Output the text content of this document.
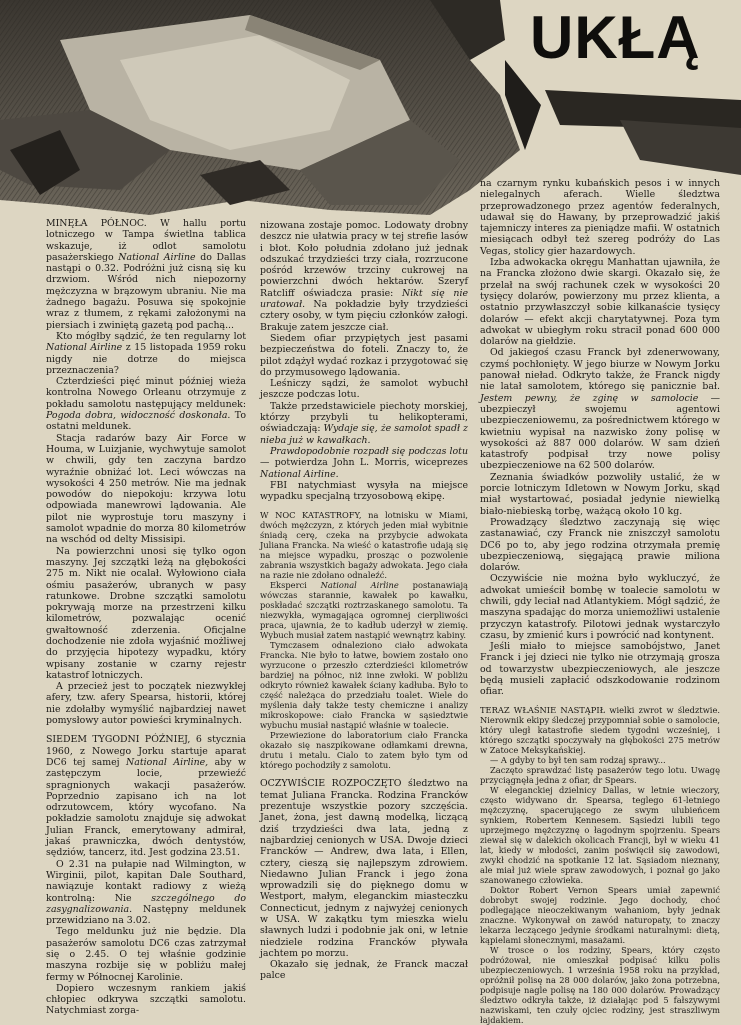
UKŁĄ

MINĘŁA PÓŁNOC. W hallu portu lotniczego w Tampa świetlna tablica wskazuje, iż odlot samolotu pasażerskiego National Airline do Dallas nastąpi o 0.32. Podróżni już cisną się ku drzwiom. Wśród nich niepozorny mężczyzna w brązowym ubraniu. Nie ma żadnego bagażu. Posuwa się spokojnie wraz z tłumem, z rękami założonymi na piersiach i zwiniętą gazetą pod pachą...

Kto mógłby sądzić, że ten regularny lot National Airline z 15 listopada 1959 roku nigdy nie dotrze do miejsca przeznaczenia?

Czterdzieści pięć minut później wieża kontrolna Nowego Orleanu otrzymuje z pokładu samolotu następujący meldunek: Pogoda dobra, widoczność doskonała. To ostatni meldunek.

Stacja radarów bazy Air Force w Houma, w Luizjanie, wychwytuje samolot w chwili, gdy ten zaczyna bardzo wyraźnie obniżać lot. Leci wówczas na wysokości 4 250 metrów. Nie ma jednak powodów do niepokoju: krzywa lotu odpowiada manewrowi lądowania. Ale pilot nie wyprostuje toru maszyny i samolot wpadnie do morza 80 kilometrów na wschód od delty Missisipi.

Na powierzchni unosi się tylko ogon maszyny. Jej szczątki leżą na głębokości 275 m. Nikt nie ocalał. Wyłowiono ciała ośmiu pasażerów, ubranych w pasy ratunkowe. Drobne szczątki samolotu pokrywają morze na przestrzeni kilku kilometrów, pozwalając ocenić gwałtowność zderzenia. Oficjalne dochodzenie nie zdoła wyjaśnić możliwej do przyjęcia hipotezy wypadku, który wpisany zostanie w czarny rejestr katastrof lotniczych.

A przecież jest to początek niezwykłej afery, tzw. afery Spearsa, historii, której nie zdołałby wymyślić najbardziej nawet pomysłowy autor powieści kryminalnych.

SIEDEM TYGODNI PÓŹNIEJ, 6 stycznia 1960, z Nowego Jorku startuje aparat DC6 tej samej National Airline, aby w zastępczym locie, przewieźć spragnionych wakacji pasażerów. Poprzednio zapisano ich na lot odrzutowcem, który wycofano. Na pokładzie samolotu znajduje się adwokat Julian Franck, emerytowany admirał, jakaś prawniczka, dwóch dentystów, sędziów, tancerz, itd. Jest godzina 23.51.

O 2.31 na pułapie nad Wilmington, w Wirginii, pilot, kapitan Dale Southard, nawiązuje kontakt radiowy z wieżą kontrolną: Nie szczególnego do zasygnalizowania. Następny meldunek przewidziano na 3.02.

Tego meldunku już nie będzie. Dla pasażerów samolotu DC6 czas zatrzymał się o 2.45. O tej właśnie godzinie maszyna rozbije się w pobliżu małej fermy w Północnej Karolinie.

Dopiero wczesnym rankiem jakiś chłopiec odkrywa szczątki samolotu. Natychmiast zorga-

nizowana zostaje pomoc. Lodowaty drobny deszcz nie ułatwia pracy w tej strefie lasów i błot. Koło południa zdołano już jednak odszukać trzydzieści trzy ciała, rozrzucone pośród krzewów trzciny cukrowej na powierzchni dwóch hektarów. Szeryf Ratcliff oświadcza prasie: Nikt się nie uratował. Na pokładzie były trzydzieści cztery osoby, w tym pięciu członków załogi. Brakuje zatem jeszcze ciał.

Siedem ofiar przypiętych jest pasami bezpieczeństwa do foteli. Znaczy to, że pilot zdążył wydać rozkaz i przygotować się do przymusowego lądowania.

Leśniczy sądzi, że samolot wybuchł jeszcze podczas lotu.

Także przedstawiciele piechoty morskiej, którzy przybyli tu helikopterami, oświadczają: Wydaje się, że samolot spadł z nieba już w kawałkach.

Prawdopodobnie rozpadł się podczas lotu — potwierdza John L. Morris, wiceprezes National Airline.

FBI natychmiast wysyła na miejsce wypadku specjalną trzyosobową ekipę.

W NOC KATASTROFY, na lotnisku w Miami, dwóch mężczyzn, z których jeden miał wybitnie śniadą cerę, czeka na przybycie adwokata Juliana Francka. Na wieść o katastrofie udają się na miejsce wypadku, prosząc o pozwolenie zabrania wszystkich bagaży adwokata. Jego ciała na razie nie zdołano odnaleźć.

Eksperci National Airline postanawiają wówczas starannie, kawałek po kawałku, poskładać szczątki roztrzaskanego samolotu. Ta niezwykła, wymagająca ogromnej cierpliwości praca, ujawnia, że to kadłub uderzył w ziemię. Wybuch musiał zatem nastąpić wewnątrz kabiny.

Tymczasem odnaleziono ciało adwokata Francka. Nie było to łatwe, bowiem zostało ono wyrzucone o przeszło czterdzieści kilometrów bardziej na północ, niż inne zwłoki. W pobliżu odkryto również kawałek ściany kadłuba. Było to część należąca do przedziału toalet. Wiele do myślenia dały także testy chemiczne i analizy mikroskopowe: ciało Francka w sąsiedztwie wybuchu musiał nastąpić właśnie w toalecie.

Przewiezione do laboratorium ciało Francka okazało się naszpikowane odłamkami drewna, drutu i metalu. Cialo to zatem było tym od którego pochodziły z samolotu.

OCZYWIŚCIE ROZPOCZĘTO śledztwo na temat Juliana Francka. Rodzina Francków prezentuje wszystkie pozory szczęścia. Janet, żona, jest dawną modelką, liczącą dziś trzydzieści dwa lata, jedną z najbardziej cenionych w USA. Dwoje dzieci Francków — Andrew, dwa lata, i Ellen, cztery, cieszą się najlepszym zdrowiem. Niedawno Julian Franck i jego żona wprowadzili się do pięknego domu w Westport, małym, eleganckim miasteczku Connecticut, jednym z najwyżej cenionych w USA. W zakątku tym mieszka wielu sławnych ludzi i podobnie jak oni, w letnie niedziele rodzina Francków pływała jachtem po morzu.

Okazało się jednak, że Franck maczał palce

na czarnym rynku kubańskich pesos i w innych nielegalnych aferach. Wielle śledztwa przeprowadzonego przez agentów federalnych, udawał się do Hawany, by przeprowadzić jakiś tajemniczy interes za pieniądze mafii. W ostatnich miesiącach odbył też szereg podróży do Las Vegas, stolicy gier hazardowych.

Izba adwokacka okręgu Manhattan ujawniła, że na Francka złożono dwie skargi. Okazało się, że przelał na swój rachunek czek w wysokości 20 tysięcy dolarów, powierzony mu przez klienta, a ostatnio przywłaszczył sobie kilkanaście tysięcy dolarów — efekt akcji charytatywnej. Poza tym adwokat w ubiegłym roku stracił ponad 600 000 dolarów na giełdzie.

Od jakiegoś czasu Franck był zdenerwowany, czymś pochłonięty. W jego biurze w Nowym Jorku panował nieład. Odkryto także, że Franck nigdy nie latał samolotem, którego się panicznie bał. Jestem pewny, że zginę w samolocie — ubezpieczył swojemu agentowi ubezpieczeniowemu, za pośrednictwem którego w kwietniu wypisał na nazwisko żony polisę w wysokości aż 887 000 dolarów. W sam dzień katastrofy podpisał trzy nowe polisy ubezpieczeniowe na 62 500 dolarów.

Zeznania świadków pozwoliły ustalić, że w porcie lotniczym Idletown w Nowym Jorku, skąd miał wystartować, posiadał jedynie niewielką biało-niebieską torbę, ważącą około 10 kg.

Prowadzący śledztwo zaczynają się więc zastanawiać, czy Franck nie zniszczył samolotu DC6 po to, aby jego rodzina otrzymała premię ubezpieczeniową, sięgającą prawie miliona dolarów.

Oczywiście nie można było wykluczyć, że adwokat umieścił bombę w toalecie samolotu w chwili, gdy leciał nad Atlantykiem. Mógł sądzić, że maszyna spadając do morza uniemożliwi ustalenie przyczyn katastrofy. Pilotowi jednak wystarczyło czasu, by zmienić kurs i powrócić nad kontynent.

Jeśli miało to miejsce samobójstwo, Janet Franck i jej dzieci nie tylko nie otrzymają grosza od towarzystw ubezpieczeniowych, ale jeszcze będą musieli zapłacić odszkodowanie rodzinom ofiar.

TERAZ WŁAŚNIE NASTĄPIŁ wielki zwrot w śledztwie. Nierownik ekipy śledczej przypomniał sobie o samolocie, który uległ katastrofie siedem tygodni wcześniej, i którego szczątki spoczywały na głębokości 275 metrów w Zatoce Meksykańskiej.

— A gdyby to był ten sam rodzaj sprawy...

Zaczęto sprawdzać listę pasażerów tego lotu. Uwagę przyciągnęła jedna z ofiar, dr Spears.

W eleganckiej dzielnicy Dallas, w letnie wieczory, często widywano dr. Spearsa, teglego 61-letniego mężczyznę, spacerującego ze swym ulubieńcem synkiem, Robertem Kennesem. Sąsiedzi lubili tego uprzejmego mężczyznę o łagodnym spojrzeniu. Spears ziewał się w dalekich okolicach Francji, był w wieku 41 lat, kiedy w młodości, zanim poświęcił się zawodowi, zwykł chodzić na spotkanie 12 lat. Sąsiadom nieznany, ale miał już wiele spraw zawodowych, i poznał go jako szanowanego człowieka.

Doktor Robert Vernon Spears umiał zapewnić dobrobyt swojej rodzinie. Jego dochody, choć podlegające nieoczekiwanym wahaniom, były jednak znaczne. Wykonywał on zawód naturopaty, to znaczy lekarza leczącego jedynie środkami naturalnymi: dietą, kąpielami słonecznymi, masażami.

W trosce o los rodziny, Spears, który często podróżował, nie omieszkał podpisać kilku polis ubezpieczeniowych. 1 września 1958 roku na przykład, opróżnił polisę na 28 000 dolarów, jako żona potrzebna, podpisuje nagle polisę na 180 000 dolarów. Prowadzący śledztwo odkryła także, iż działając pod 5 fałszywymi nazwiskami, ten czuły ojciec rodziny, jest straszliwym łajdakiem.
